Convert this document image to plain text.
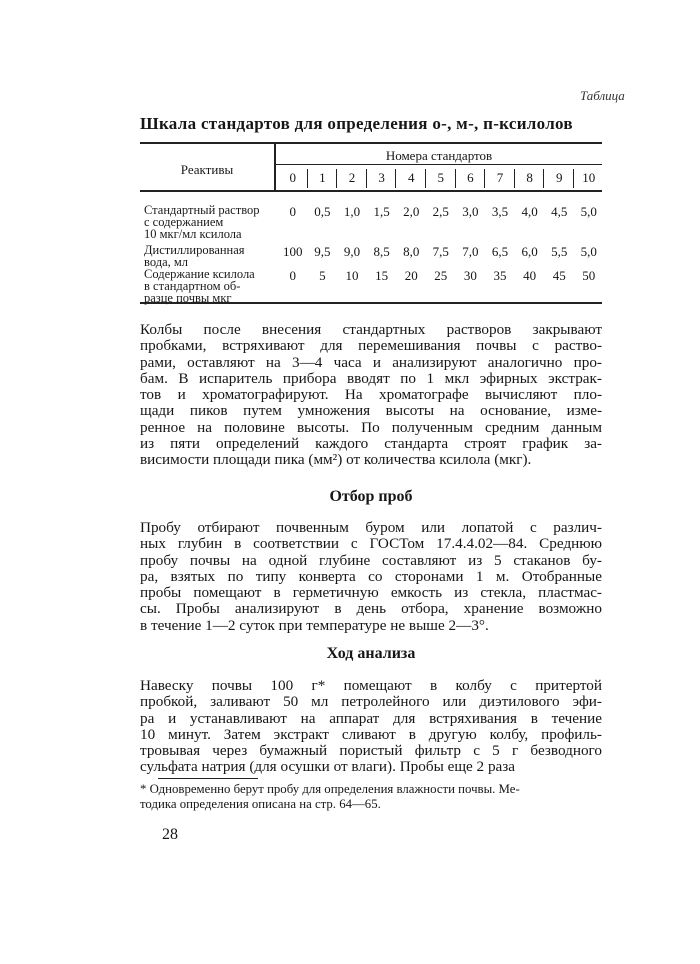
Таблица
Шкала стандартов для определения о-, м-, п-ксилолов
Реактивы
Номера стандартов
0	1	2	3	4	5	6	7	8	9	10
Стандартный раствор
с содержанием
10 мкг/мл ксилола
0	0,5	1,0	1,5	2,0	2,5	3,0	3,5	4,0	4,5	5,0
Дистиллированная
вода, мл
100 9,5	9,0	8,5	8,0	7,5	7,0	6,5	6,0	5,5	5,0
Содержание ксилола
в стандартном об-
разце почвы мкг
0	5	10	15	20	25	30	35	40	45	50
Колбы после внесения стандартных растворов закрывают
пробками, встряхивают для перемешивания почвы с раство-
рами, оставляют на 3—4 часа и анализируют аналогично про-
бам. В испаритель прибора вводят по 1 мкл эфирных экстрак-
тов и хроматографируют. На хроматографе вычисляют пло-
щади пиков путем умножения высоты на основание, изме-
ренное на половине высоты. По полученным средним данным
из пяти определений каждого стандарта строят график за-
висимости площади пика (мм²) от количества ксилола (мкг).
Отбор проб
Пробу отбирают почвенным буром или лопатой с различ-
ных глубин в соответствии с ГОСТом 17.4.4.02—84. Среднюю
пробу почвы на одной глубине составляют из 5 стаканов бу-
ра, взятых по типу конверта со сторонами 1 м. Отобранные
пробы помещают в герметичную емкость из стекла, пластмас-
сы. Пробы анализируют в день отбора, хранение возможно
в течение 1—2 суток при температуре не выше 2—3°.
Ход анализа
Навеску почвы 100 г* помещают в колбу с притертой
пробкой, заливают 50 мл петролейного или диэтилового эфи-
ра и устанавливают на аппарат для встряхивания в течение
10 минут. Затем экстракт сливают в другую колбу, профиль-
тровывая через бумажный пористый фильтр с 5 г безводного
сульфата натрия (для осушки от влаги). Пробы еще 2 раза
* Одновременно берут пробу для определения влажности почвы. Ме-
тодика определения описана на стр. 64—65.
28
